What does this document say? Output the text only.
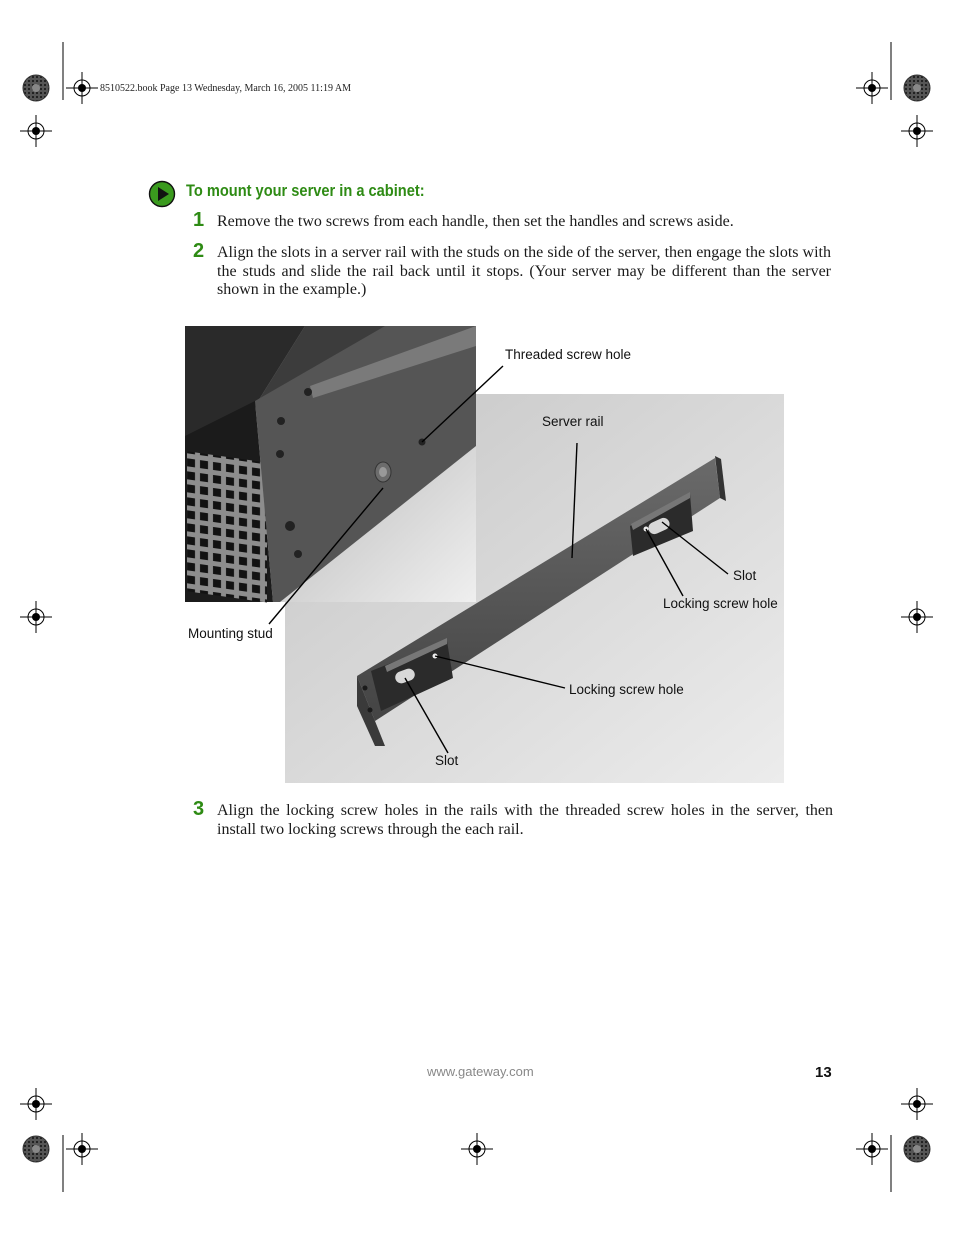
8510522.book Page 13 Wednesday, March 16, 2005 11:19 AM
To mount your server in a cabinet:
1 Remove the two screws from each handle, then set the handles and screws aside.
2 Align the slots in a server rail with the studs on the side of the server, then engage the slots with the studs and slide the rail back until it stops. (Your server may be different than the server shown in the example.)
Threaded screw hole
Server rail
Slot
Locking screw hole
Mounting stud
Locking screw hole
Slot
3 Align the locking screw holes in the rails with the threaded screw holes in the server, then install two locking screws through the each rail.
www.gateway.com	13
